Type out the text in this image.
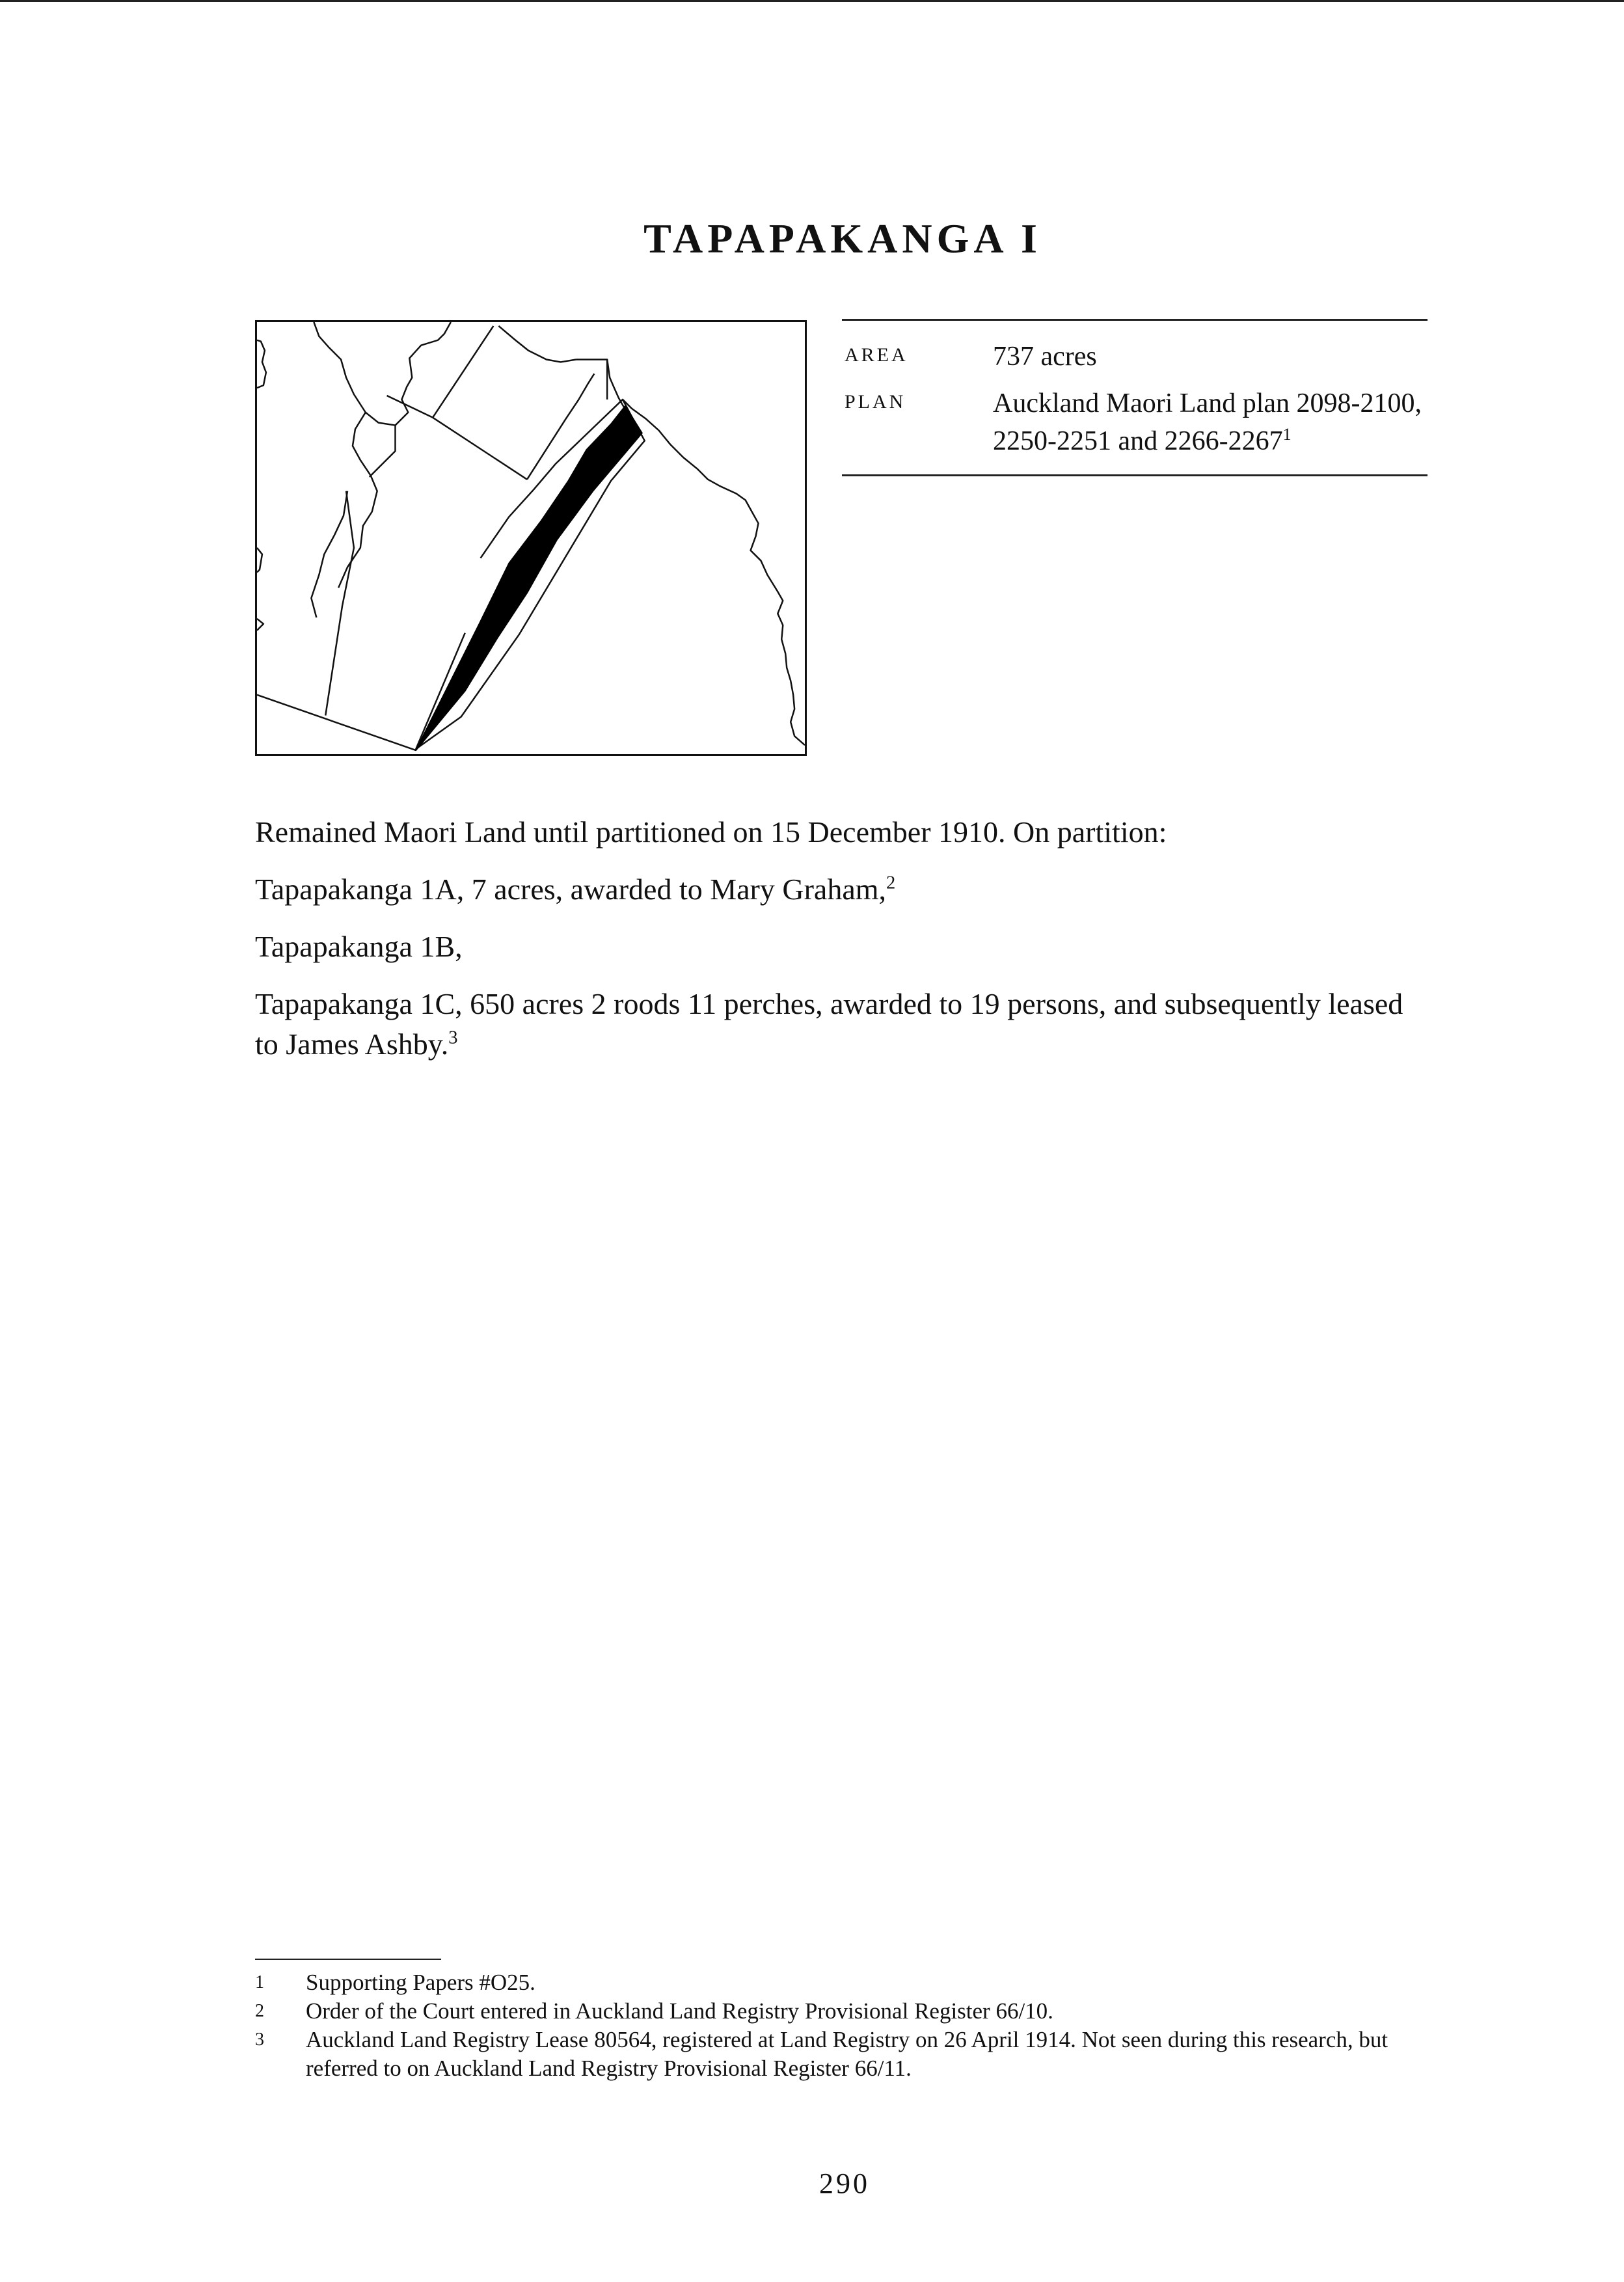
TAPAPAKANGA I
AREA	737 acres
PLAN	Auckland Maori Land plan 2098-2100, 2250-2251 and 2266-2267$^1$

Remained Maori Land until partitioned on 15 December 1910. On partition:

Tapapakanga 1A, 7 acres, awarded to Mary Graham,$^2$

Tapapakanga 1B,

Tapapakanga 1C, 650 acres 2 roods 11 perches, awarded to 19 persons, and subsequently leased to James Ashby.$^3$

1	Supporting Papers #O25.
2	Order of the Court entered in Auckland Land Registry Provisional Register 66/10.
3	Auckland Land Registry Lease 80564, registered at Land Registry on 26 April 1914. Not seen during this research, but referred to on Auckland Land Registry Provisional Register 66/11.
290
